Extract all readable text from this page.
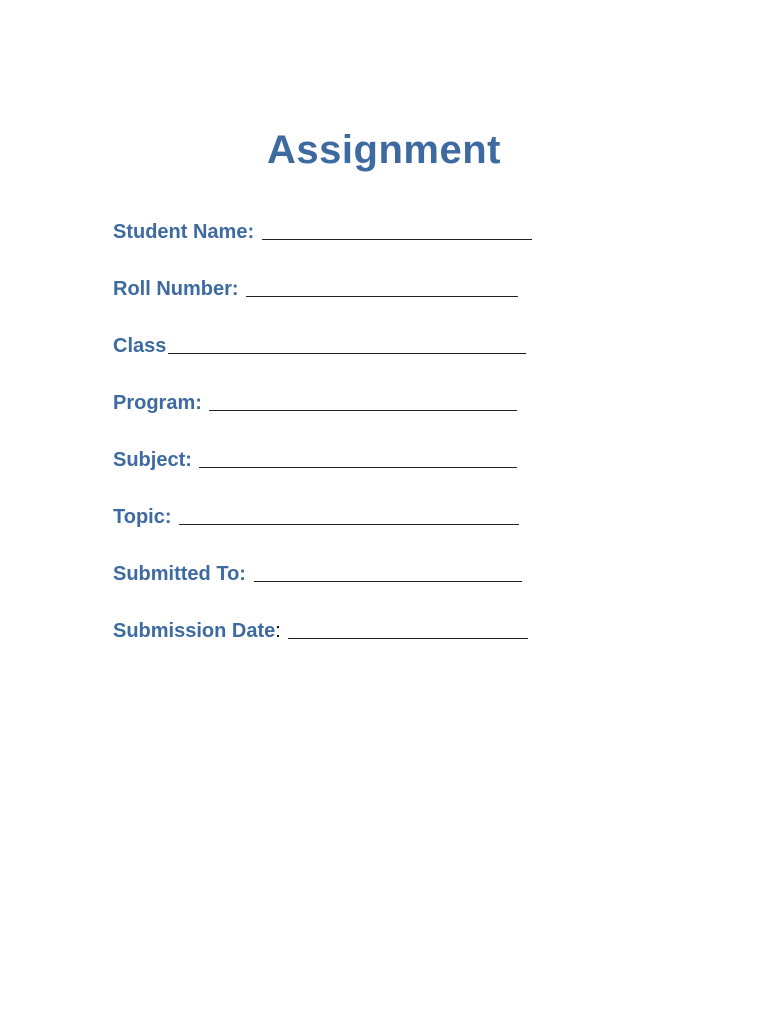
Assignment
Student Name:
Roll Number:
Class
Program:
Subject:
Topic:
Submitted To:
Submission Date :
